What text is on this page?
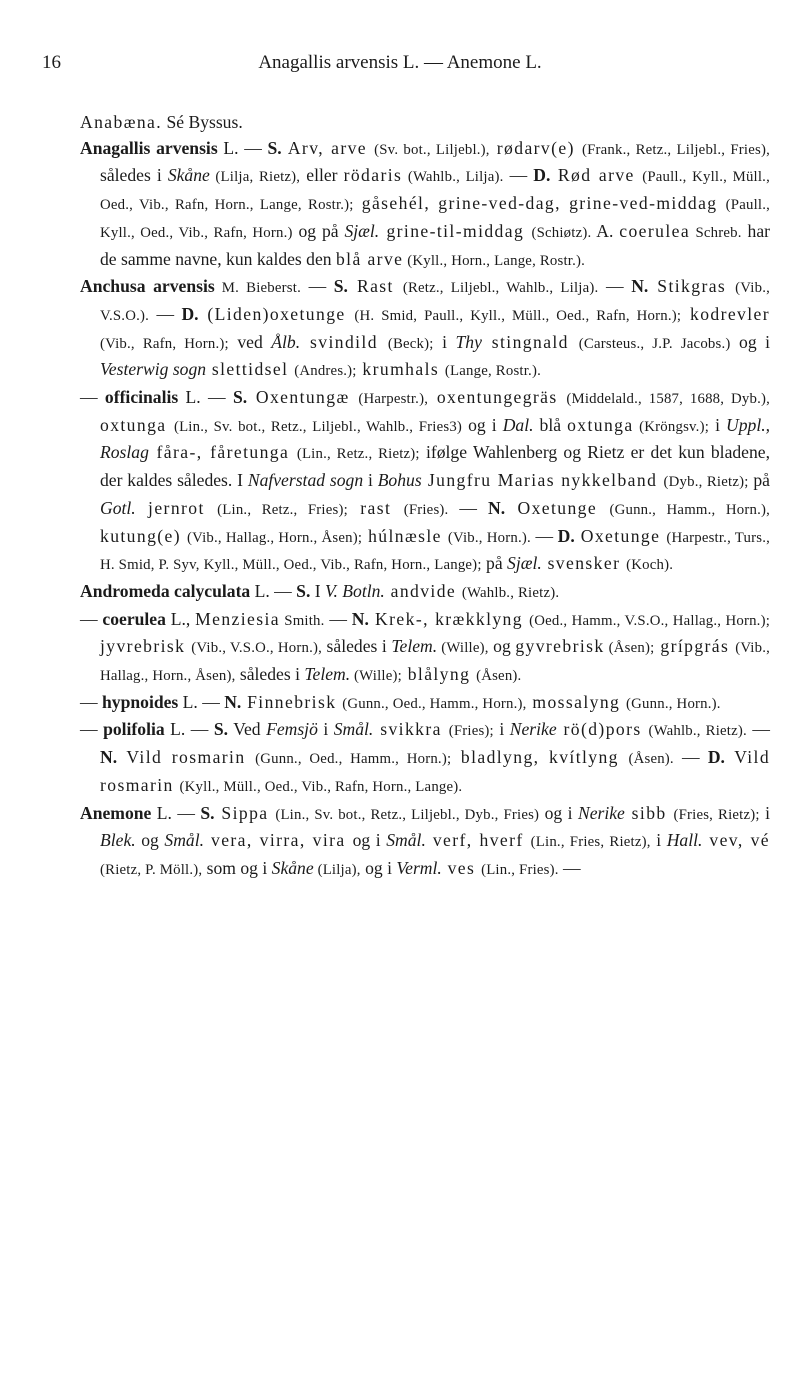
16	Anagallis arvensis L. — Anemone L.
Anabæna. Sé Byssus.
Anagallis arvensis L. — S. Arv, arve (Sv. bot., Liljebl.), rødarv(e) (Frank., Retz., Liljebl., Fries), således i Skåne (Lilja, Rietz), eller rödaris (Wahlb., Lilja). — D. Rød arve (Paull., Kyll., Müll., Oed., Vib., Rafn, Horn., Lange, Rostr.); gåsehél, grine-ved-dag, grine-ved-middag (Paull., Kyll., Oed., Vib., Rafn, Horn.) og på Sjæl. grine-til-middag (Schiøtz). A. coerulea Schreb. har de samme navne, kun kaldes den blå arve (Kyll., Horn., Lange, Rostr.).
Anchusa arvensis M. Bieberst. — S. Rast (Retz., Liljebl., Wahlb., Lilja). — N. Stikgras (Vib., V.S.O.). — D. (Liden)oxetunge (H. Smid, Paull., Kyll., Müll., Oed., Rafn, Horn.); kodrevler (Vib., Rafn, Horn.); ved Ålb. svindild (Beck); i Thy stingnald (Carsteus., J.P. Jacobs.) og i Vesterwig sogn slettidsel (Andres.); krumhals (Lange, Rostr.).
— officinalis L. — S. Oxentungæ (Harpestr.), oxentungegräs (Middelald., 1587, 1688, Dyb.), oxtunga (Lin., Sv. bot., Retz., Liljebl., Wahlb., Fries3) og i Dal. blå oxtunga (Kröngsv.); i Uppl., Roslag fåra-, fåretunga (Lin., Retz., Rietz); ifølge Wahlenberg og Rietz er det kun bladene, der kaldes således. I Nafverstad sogn i Bohus Jungfru Marias nykkelband (Dyb., Rietz); på Gotl. jernrot (Lin., Retz., Fries); rast (Fries). — N. Oxetunge (Gunn., Hamm., Horn.), kutung(e) (Vib., Hallag., Horn., Åsen); húlnæsle (Vib., Horn.). — D. Oxetunge (Harpestr., Turs., H. Smid, P. Syv, Kyll., Müll., Oed., Vib., Rafn, Horn., Lange); på Sjæl. svensker (Koch).
Andromeda calyculata L. — S. I V. Botln. andvide (Wahlb., Rietz).
— coerulea L., Menziesia Smith. — N. Krek-, krækklyng (Oed., Hamm., V.S.O., Hallag., Horn.); jyvrebrisk (Vib., V.S.O., Horn.), således i Telem. (Wille), og gyvrebrisk (Åsen); grípgrás (Vib., Hallag., Horn., Åsen), således i Telem. (Wille); blålyng (Åsen).
— hypnoides L. — N. Finnebrisk (Gunn., Oed., Hamm., Horn.), mossalyng (Gunn., Horn.).
— polifolia L. — S. Ved Femsjö i Smål. svikkra (Fries); i Nerike rö(d)pors (Wahlb., Rietz). — N. Vild rosmarin (Gunn., Oed., Hamm., Horn.); bladlyng, kvítlyng (Åsen). — D. Vild rosmarin (Kyll., Müll., Oed., Vib., Rafn, Horn., Lange).
Anemone L. — S. Sippa (Lin., Sv. bot., Retz., Liljebl., Dyb., Fries) og i Nerike sibb (Fries, Rietz); i Blek. og Smål. vera, virra, vira og i Smål. verf, hverf (Lin., Fries, Rietz), i Hall. vev, vé (Rietz, P. Möll.), som og i Skåne (Lilja), og i Verml. ves (Lin., Fries). —
